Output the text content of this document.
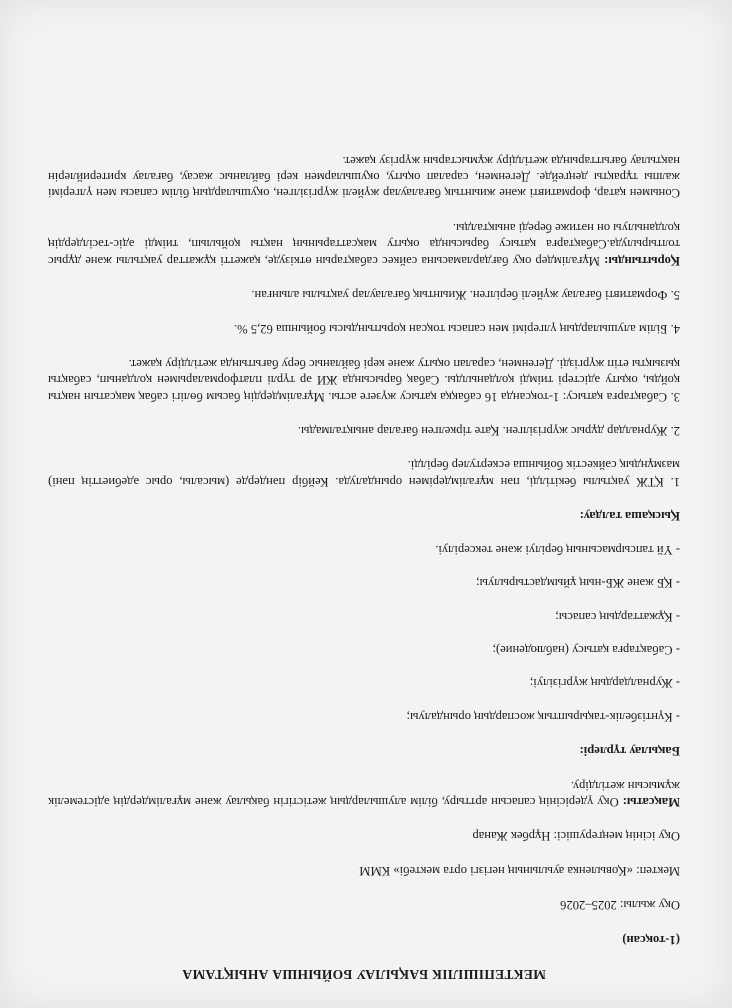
МЕКТЕПІШІЛІК БАҚЫЛАУ БОЙЫНША АНЫҚТАМА
(1-тоқсан)
Оқу жылы: 2025–2026
Мектеп: «Қовыленка ауылының негізгі орта мектебі» КММ
Оқу ісінің меңгерушісі: Нұрбек Жанар
Мақсаты: Оқу үдерісінің сапасын арттыру, білім алушылардың жетістігін бақылау және мұғалімдердің әдістемелік жұмысын жетілдіру.
Бақылау түрлері:
- Күнтізбелік-тақырыптық жоспардың орындалуы;
- Журналдардың жүргізілуі;
- Сабақтарға қатысу (наблюдение);
- Құжаттардың сапасы;
- ҚБ және ЖБ-ның ұйымдастырылуы;
- Үй тапсырмасының берілуі және тексерілуі.
Қысқаша талдау:
1. ҚТЖ уақтылы бекітілді, пән мұғалімдерімен орындалуда. Кейбір пәндерде (мысалы, орыс әдебиеттің пәні) мазмұндық сәйкестік бойынша ескертулер берілді.
2. Журналдар дұрыс жүргізілген. Қате тіркелген бағалар анықталмады.
3. Сабақтарға қатысу: 1-тоқсанда 16 сабаққа қатысу жүзеге асты. Мұғалімдердің басым бөлігі сабақ мақсатын нақты қойды, оқыту әдістері тиімді қолданылды. Сабақ барысында ЖИ әр түрлі платформаларымен қолданып, сабақты қызықты етіп жүргізді. Дегенмен, саралап оқыту және кері байланыс беру бағытында жетілдіру қажет.
4. Білім алушылардың үлгерімі мен сапасы тоқсан қорытындысы бойынша 62,5 %.
5. Формативті бағалау жүйелі берілген. Жиынтық бағалаулар уақтылы алынған.
Қорытынды: Мұғалімдер оқу бағдарламасына сәйкес сабақтарын өткізуде, қажетті құжаттар уақтылы және дұрыс толтырылуда.Сабақтарға қатысу барысында оқыту мақсаттарының нақты қойылып, тиімді әдіс-тәсілдердің қолданылуы он нәтиже береді анықталды.
Сонымен қатар, формативті және жиынтық бағалаулар жүйелі жүргізілген, оқушылардың білім сапасы мен үлгерімі жалпы тұрақты деңгейде. Дегенмен, саралап оқыту, оқушылармен кері байланыс жасау, бағалау критерийлерін нақтылау бағыттарында жетілдіру жұмыстарын жүргізу қажет.
